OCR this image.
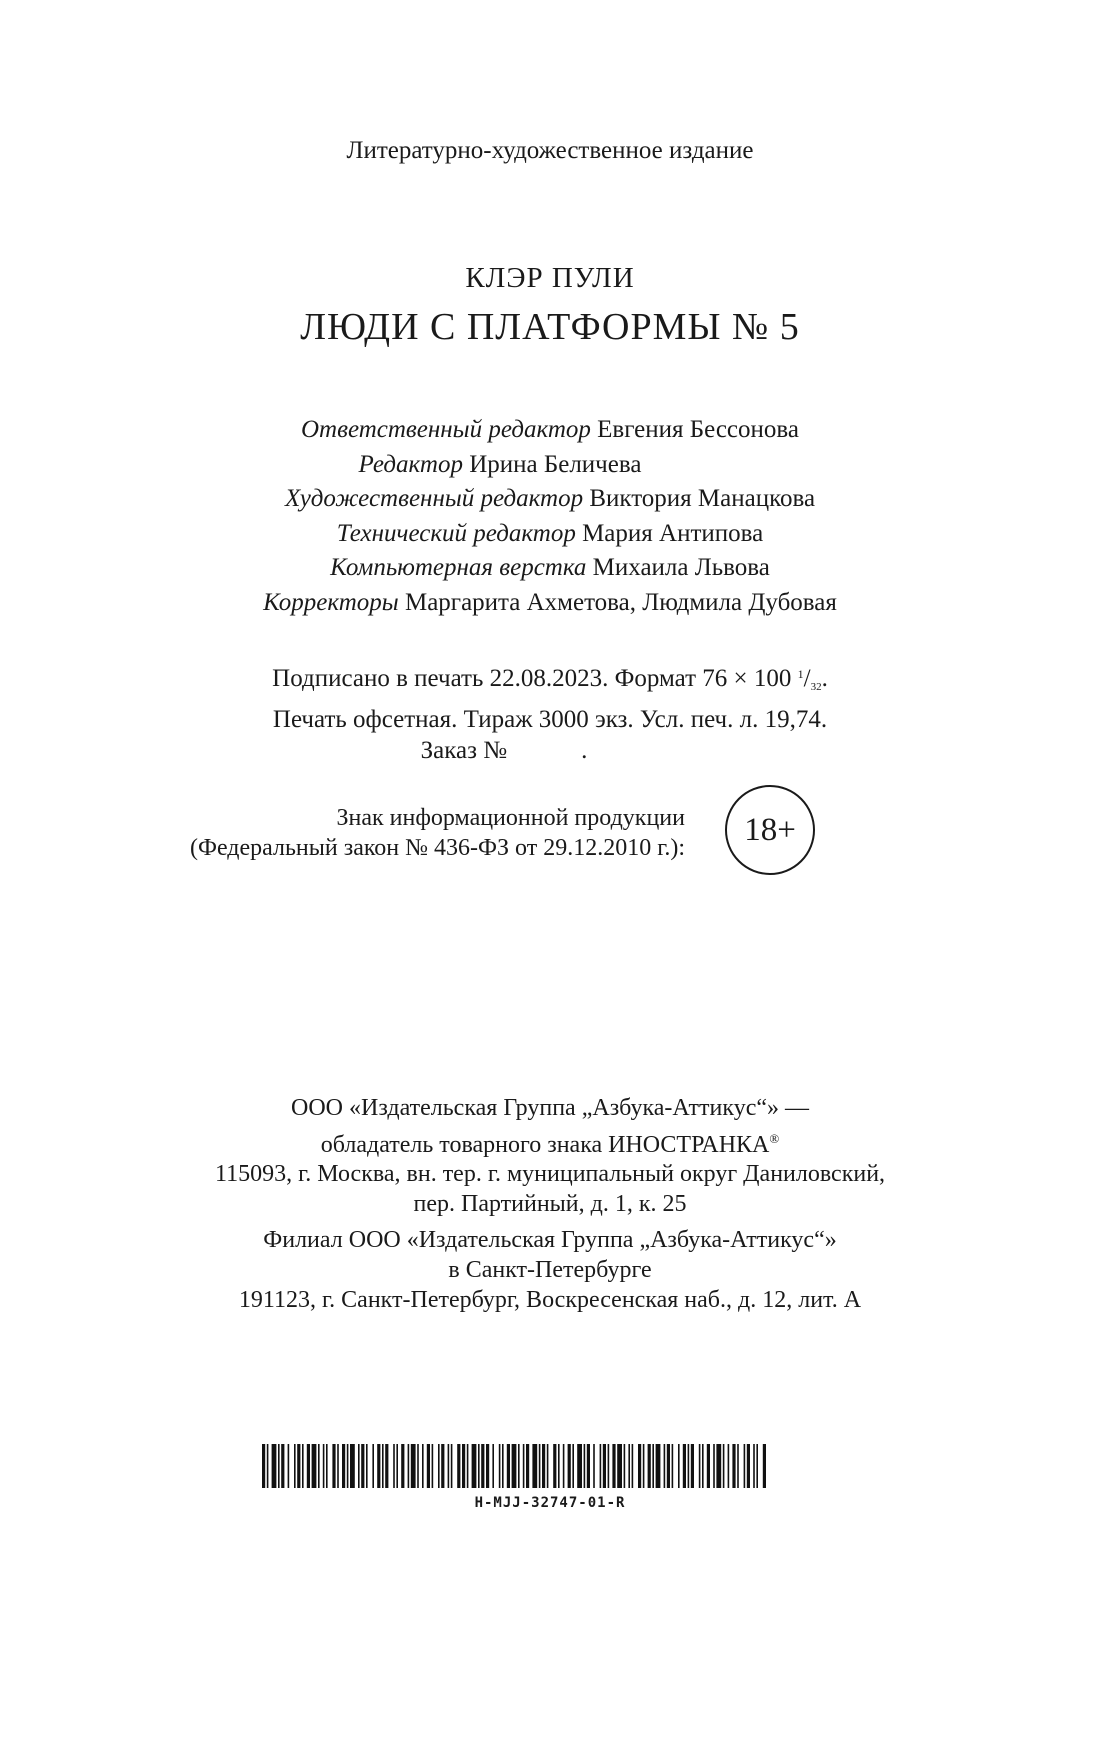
Литературно-художественное издание
КЛЭР ПУЛИ
ЛЮДИ С ПЛАТФОРМЫ № 5
Ответственный редактор Евгения Бессонова
Редактор Ирина Беличева
Художественный редактор Виктория Манацкова
Технический редактор Мария Антипова
Компьютерная верстка Михаила Львова
Корректоры Маргарита Ахметова, Людмила Дубовая
Подписано в печать 22.08.2023. Формат 76 × 100 $^1/_{32}$.
Печать офсетная. Тираж 3000 экз. Усл. печ. л. 19,74.
Заказ №	.
Знак информационной продукции
(Федеральный закон № 436-ФЗ от 29.12.2010 г.):
18+
ООО «Издательская Группа „Азбука-Аттикус“» —
обладатель товарного знака ИНОСТРАНКА®
115093, г. Москва, вн. тер. г. муниципальный округ Даниловский,
пер. Партийный, д. 1, к. 25
Филиал ООО «Издательская Группа „Азбука-Аттикус“»
в Санкт-Петербурге
191123, г. Санкт-Петербург, Воскресенская наб., д. 12, лит. А
H-MJJ-32747-01-R
